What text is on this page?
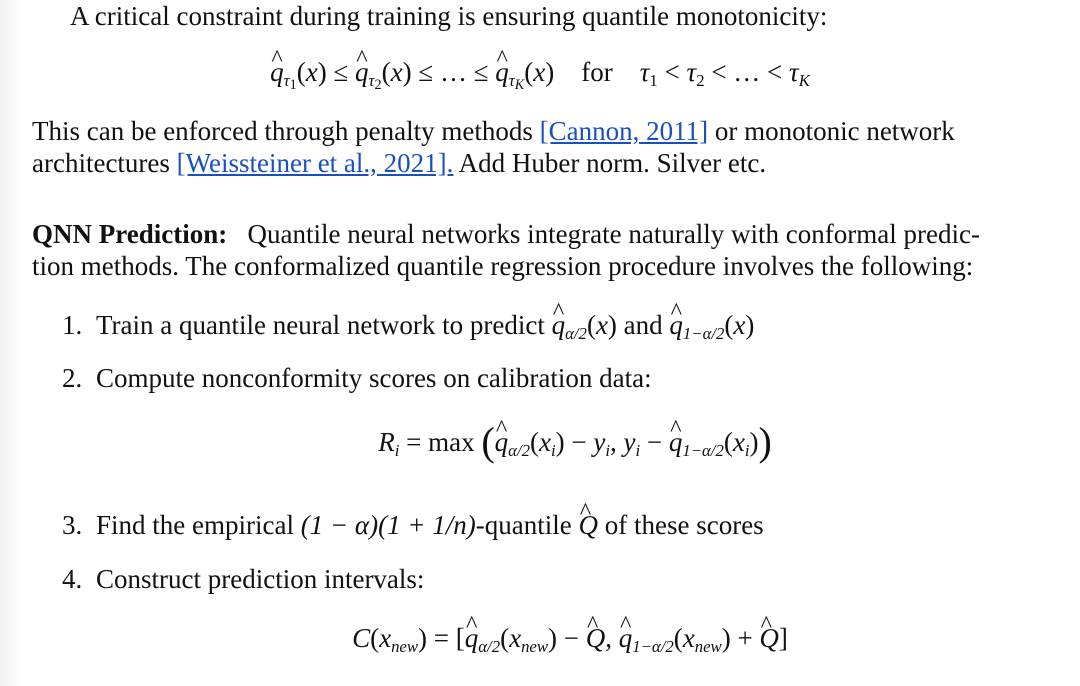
A critical constraint during training is ensuring quantile monotonicity:
^ $q_{\tau_1}(x)$ ≤ ^ $q_{\tau_2}(x)$ ≤ … ≤ ^ $q_{\tau_K}(x)$    for $\tau_1 < \tau_2$ < … < $\tau_K$
This can be enforced through penalty methods [Cannon, 2011] or monotonic network
architectures [Weissteiner et al., 2021]. Add Huber norm. Silver etc.
QNN Prediction: Quantile neural networks integrate naturally with conformal predic-
tion methods. The conformalized quantile regression procedure involves the following:
1. Train a quantile neural network to predict ^ $q_{\alpha/2}(x)$ and ^ $q_{1-\alpha/2}(x)$
2. Compute nonconformity scores on calibration data:
$R_i = \max$ (^ $q_{\alpha/2}(x_i) - y_i$, $y_i$ − ^ $q_{1-\alpha/2}(x_i)$)
3. Find the empirical (1 − α)(1 + 1/n)-quantile ^ Q of these scores
4. Construct prediction intervals:
$C(x_{new})$ = [^ $q_{\alpha/2}(x_{new})$ − ^ Q, ^ $q_{1-\alpha/2}(x_{new})$ + ^ Q]
